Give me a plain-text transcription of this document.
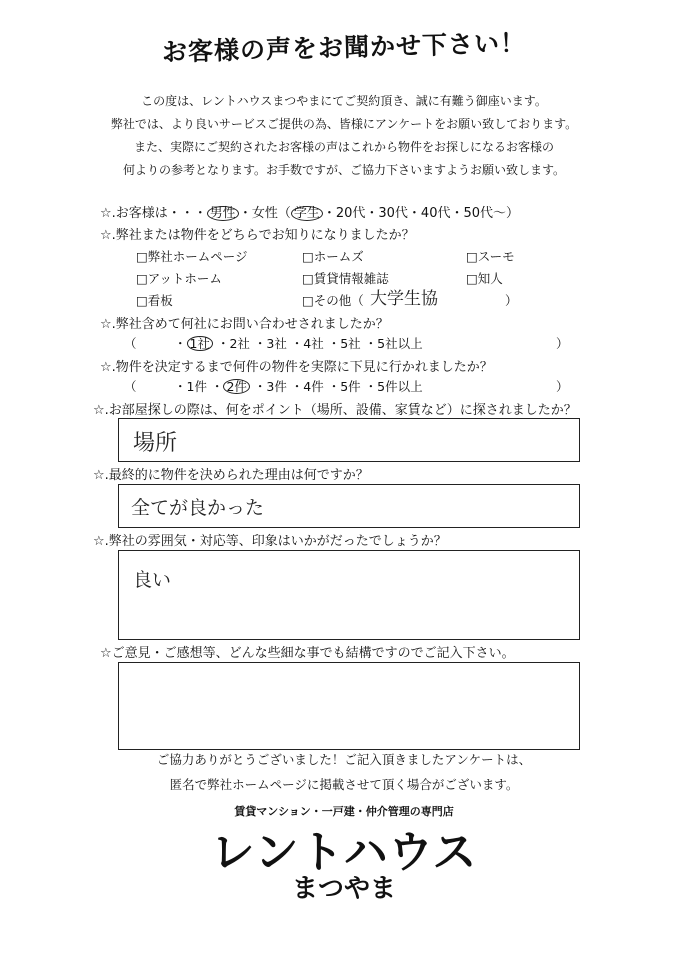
お客様の声をお聞かせ下さい！
この度は、レントハウスまつやまにてご契約頂き、誠に有難う御座います。
弊社では、より良いサービスご提供の為、皆様にアンケートをお願い致しております。
また、実際にご契約されたお客様の声はこれから物件をお探しになるお客様の
何よりの参考となります。お手数ですが、ご協力下さいますようお願い致します。
☆.お客様は・・・ 男性 ・女性（ 学生 ・20代・30代・40代・50代～）
☆.弊社または物件をどちらでお知りになりましたか？
□弊社ホームページ	□ホームズ	□スーモ
□アットホーム	□賃貸情報雑誌	□知人
□看板	□その他（ 大学生協	）
☆.弊社含めて何社にお問い合わせされましたか？
（	・ 1社 ・2社 ・3社 ・4社 ・5社 ・5社以上	）
☆.物件を決定するまで何件の物件を実際に下見に行かれましたか？
（	・1件 ・ 2件 ・3件 ・4件 ・5件 ・5件以上	）
☆.お部屋探しの際は、何をポイント（場所、設備、家賃など）に探されましたか？
場所
☆.最終的に物件を決められた理由は何ですか？
全てが良かった
☆.弊社の雰囲気・対応等、印象はいかがだったでしょうか？
良い
☆ご意見・ご感想等、どんな些細な事でも結構ですのでご記入下さい。
ご協力ありがとうございました！ご記入頂きましたアンケートは、
匿名で弊社ホームページに掲載させて頂く場合がございます。
賃貸マンション・一戸建・仲介管理の専門店
レントハウス
まつやま
